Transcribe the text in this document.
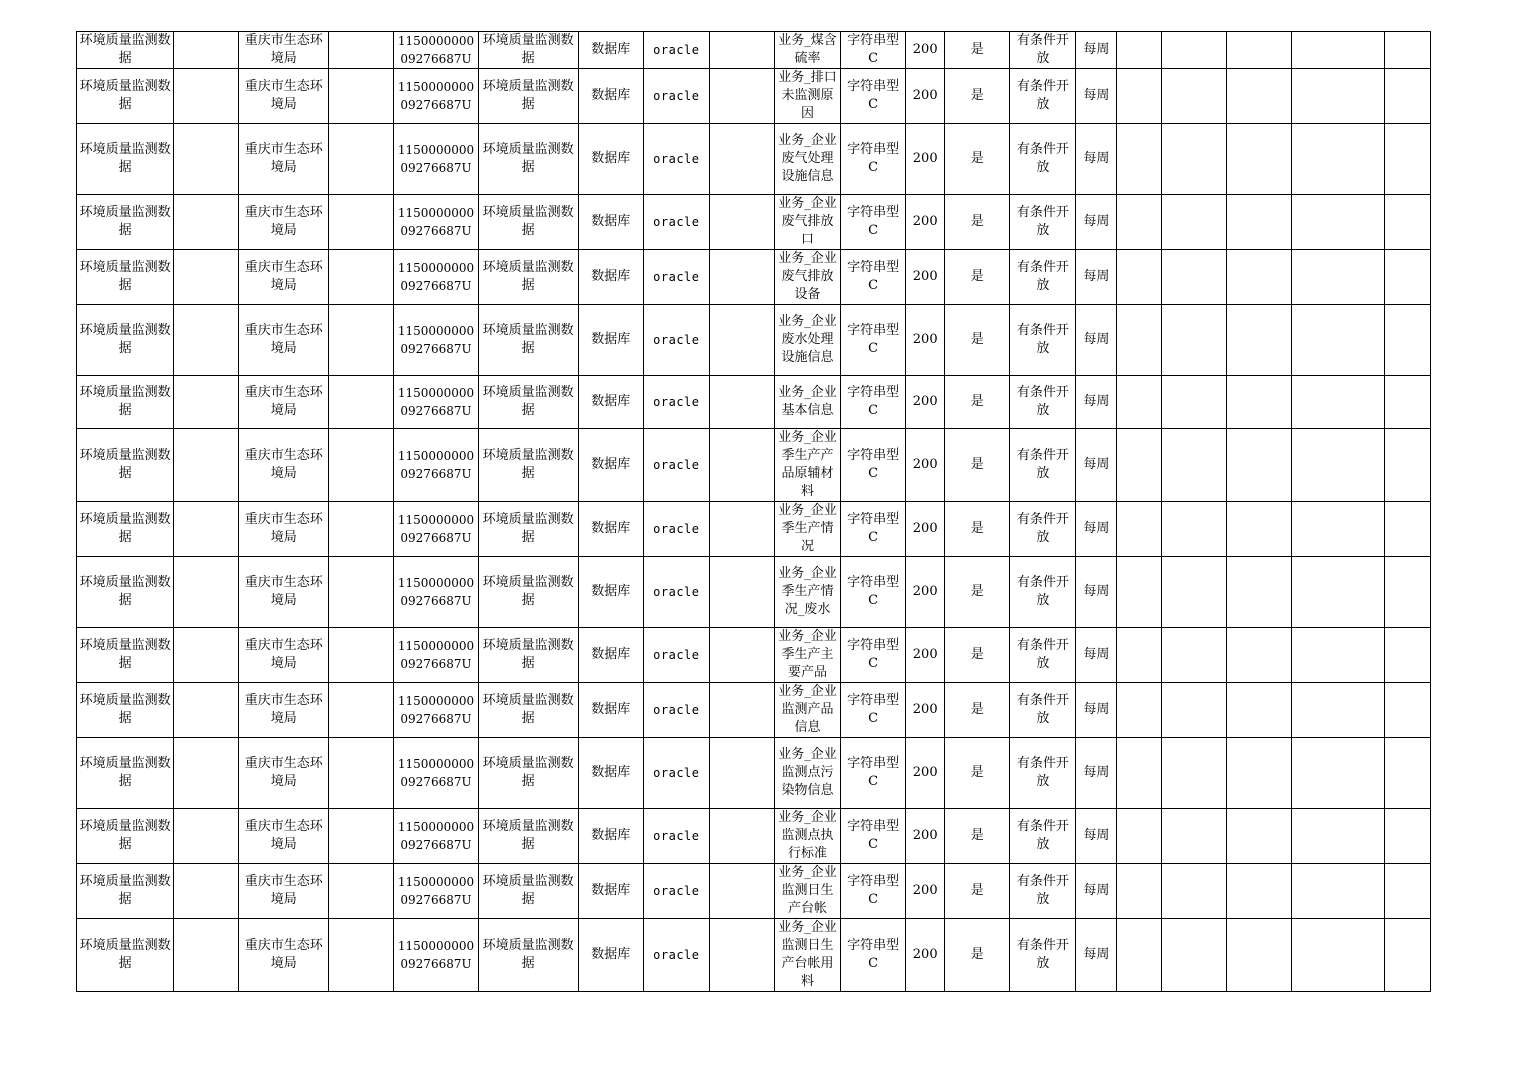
环境质量监测数据		重庆市生态环境局		115000000009276687U	环境质量监测数据	数据库	oracle		业务_煤含硫率	字符串型C	200	是	有条件开放	每周					
环境质量监测数据		重庆市生态环境局		115000000009276687U	环境质量监测数据	数据库	oracle		业务_排口未监测原因	字符串型C	200	是	有条件开放	每周					
环境质量监测数据		重庆市生态环境局		115000000009276687U	环境质量监测数据	数据库	oracle		业务_企业废气处理设施信息	字符串型C	200	是	有条件开放	每周					
环境质量监测数据		重庆市生态环境局		115000000009276687U	环境质量监测数据	数据库	oracle		业务_企业废气排放口	字符串型C	200	是	有条件开放	每周					
环境质量监测数据		重庆市生态环境局		115000000009276687U	环境质量监测数据	数据库	oracle		业务_企业废气排放设备	字符串型C	200	是	有条件开放	每周					
环境质量监测数据		重庆市生态环境局		115000000009276687U	环境质量监测数据	数据库	oracle		业务_企业废水处理设施信息	字符串型C	200	是	有条件开放	每周					
环境质量监测数据		重庆市生态环境局		115000000009276687U	环境质量监测数据	数据库	oracle		业务_企业基本信息	字符串型C	200	是	有条件开放	每周					
环境质量监测数据		重庆市生态环境局		115000000009276687U	环境质量监测数据	数据库	oracle		业务_企业季生产产品原辅材料	字符串型C	200	是	有条件开放	每周					
环境质量监测数据		重庆市生态环境局		115000000009276687U	环境质量监测数据	数据库	oracle		业务_企业季生产情况	字符串型C	200	是	有条件开放	每周					
环境质量监测数据		重庆市生态环境局		115000000009276687U	环境质量监测数据	数据库	oracle		业务_企业季生产情况_废水	字符串型C	200	是	有条件开放	每周					
环境质量监测数据		重庆市生态环境局		115000000009276687U	环境质量监测数据	数据库	oracle		业务_企业季生产主要产品	字符串型C	200	是	有条件开放	每周					
环境质量监测数据		重庆市生态环境局		115000000009276687U	环境质量监测数据	数据库	oracle		业务_企业监测产品信息	字符串型C	200	是	有条件开放	每周					
环境质量监测数据		重庆市生态环境局		115000000009276687U	环境质量监测数据	数据库	oracle		业务_企业监测点污染物信息	字符串型C	200	是	有条件开放	每周					
环境质量监测数据		重庆市生态环境局		115000000009276687U	环境质量监测数据	数据库	oracle		业务_企业监测点执行标准	字符串型C	200	是	有条件开放	每周					
环境质量监测数据		重庆市生态环境局		115000000009276687U	环境质量监测数据	数据库	oracle		业务_企业监测日生产台帐	字符串型C	200	是	有条件开放	每周					
环境质量监测数据		重庆市生态环境局		115000000009276687U	环境质量监测数据	数据库	oracle		业务_企业监测日生产台帐用料	字符串型C	200	是	有条件开放	每周					
